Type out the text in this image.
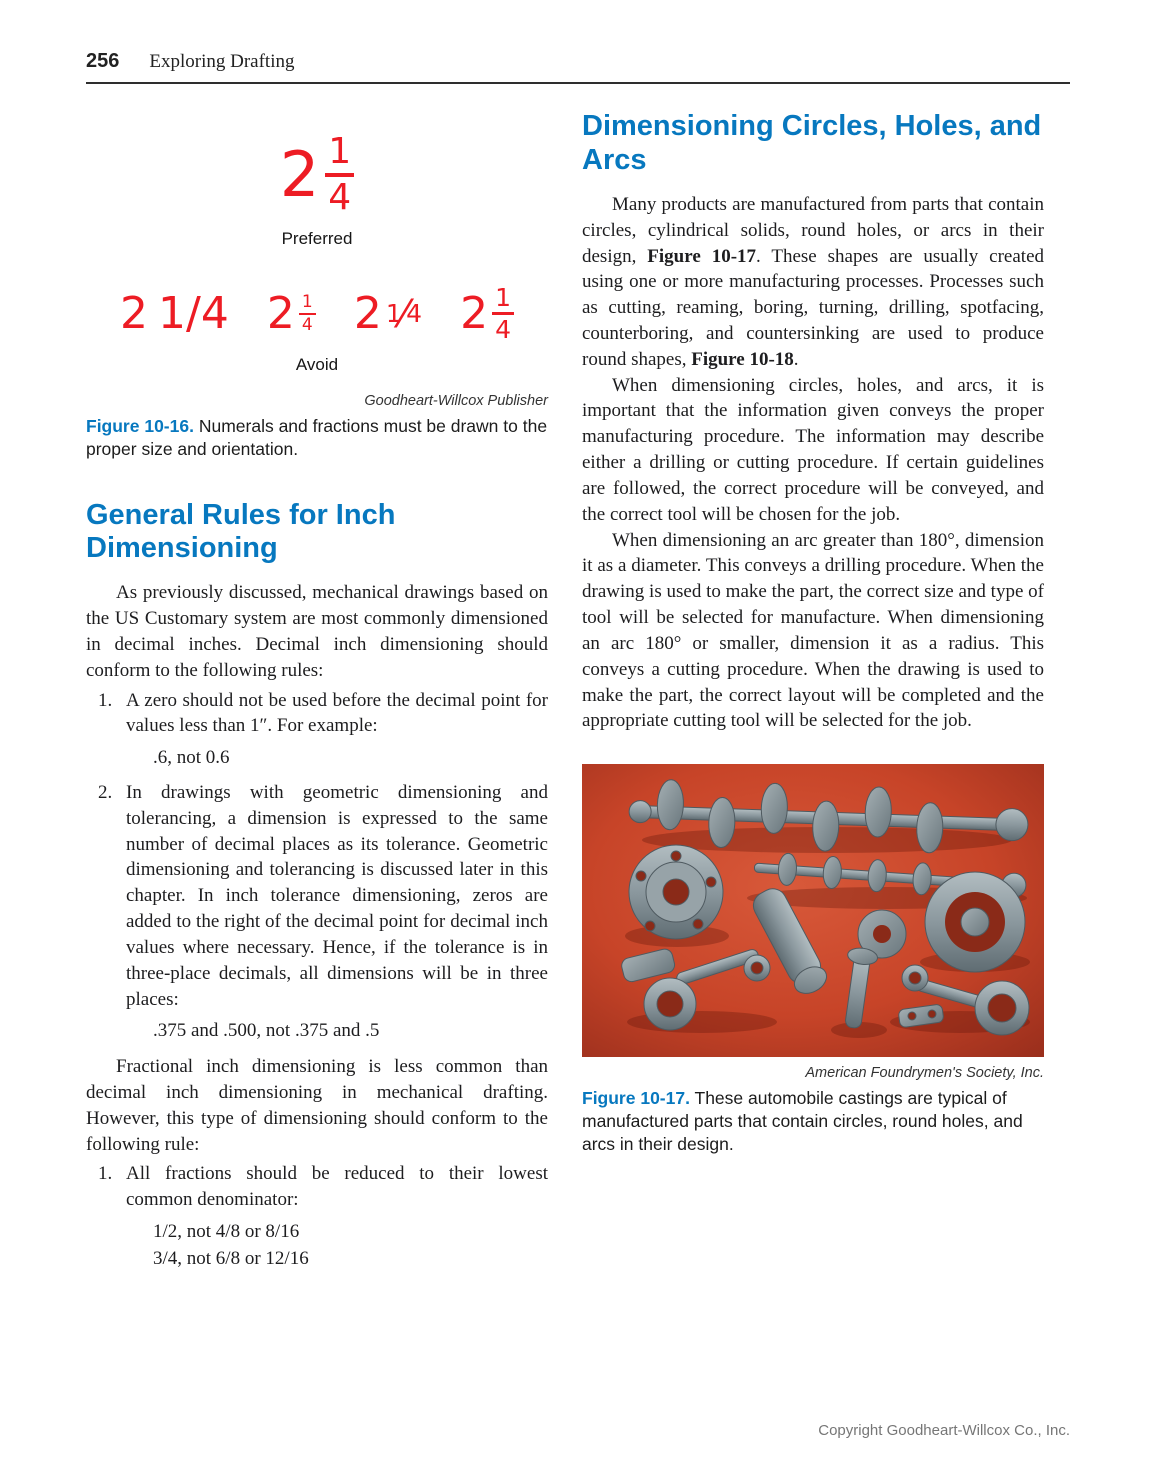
256 Exploring Drafting
$2 \frac{1}{4}$
Preferred
2 1 / 4 $2 \frac{1}{4} 2$ 1 ⁄ 4 $2 \frac{1}{4}$
Avoid
Goodheart-Willcox Publisher
Figure 10-16. Numerals and fractions must be drawn to the proper size and orientation.
General Rules for Inch Dimensioning

As previously discussed, mechanical drawings based on the US Customary system are most commonly dimensioned in decimal inches. Decimal inch dimensioning should conform to the following rules:

1. A zero should not be used before the decimal point for values less than 1″. For example:
.6, not 0.6
2. In drawings with geometric dimensioning and tolerancing, a dimension is expressed to the same number of decimal places as its tolerance. Geometric dimensioning and tolerancing is discussed later in this chapter. In inch tolerance dimensioning, zeros are added to the right of the decimal point for decimal inch values where necessary. Hence, if the tolerance is in three-place decimals, all dimensions will be in three places:
.375 and .500, not .375 and .5

Fractional inch dimensioning is less common than decimal inch dimensioning in mechanical drafting. However, this type of dimensioning should conform to the following rule:

1. All fractions should be reduced to their lowest common denominator:
1/2, not 4/8 or 8/16
3/4, not 6/8 or 12/16
Dimensioning Circles, Holes, and Arcs

Many products are manufactured from parts that contain circles, cylindrical solids, round holes, or arcs in their design, Figure 10-17. These shapes are usually created using one or more manufacturing processes. Processes such as cutting, reaming, boring, turning, drilling, spotfacing, counterboring, and countersinking are used to produce round shapes, Figure 10-18.

When dimensioning circles, holes, and arcs, it is important that the information given conveys the proper manufacturing procedure. The information may describe either a drilling or cutting procedure. If certain guidelines are followed, the correct procedure will be conveyed, and the correct tool will be chosen for the job.

When dimensioning an arc greater than 180°, dimension it as a diameter. This conveys a drilling procedure. When the drawing is used to make the part, the correct size and type of tool will be selected for manufacture. When dimensioning an arc 180° or smaller, dimension it as a radius. This conveys a cutting procedure. When the drawing is used to make the part, the correct layout will be completed and the appropriate cutting tool will be selected for the job.

American Foundrymen's Society, Inc.
Figure 10-17. These automobile castings are typical of manufactured parts that contain circles, round holes, and arcs in their design.
Copyright Goodheart-Willcox Co., Inc.
